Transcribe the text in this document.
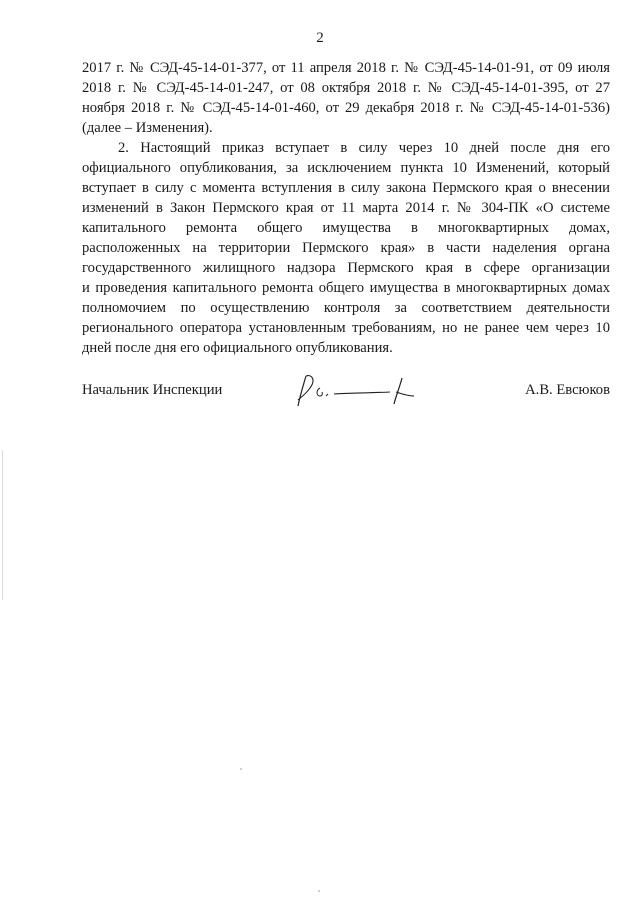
2
2017 г. № СЭД-45-14-01-377, от 11 апреля 2018 г. № СЭД-45-14-01-91, от 09 июля
2018 г. № СЭД-45-14-01-247, от 08 октября 2018 г. № СЭД-45-14-01-395, от 27
ноября 2018 г. № СЭД-45-14-01-460, от 29 декабря 2018 г. № СЭД-45-14-01-536)
(далее – Изменения).
2. Настоящий приказ вступает в силу через 10 дней после дня его
официального опубликования, за исключением пункта 10 Изменений, который
вступает в силу с момента вступления в силу закона Пермского края о внесении
изменений в Закон Пермского края от 11 марта 2014 г. № 304-ПК «О системе
капитального ремонта общего имущества в многоквартирных домах,
расположенных на территории Пермского края» в части наделения органа
государственного жилищного надзора Пермского края в сфере организации
и проведения капитального ремонта общего имущества в многоквартирных домах
полномочием по осуществлению контроля за соответствием деятельности
регионального оператора установленным требованиям, но не ранее чем через 10
дней после дня его официального опубликования.
Начальник Инспекции	А.В. Евсюков
